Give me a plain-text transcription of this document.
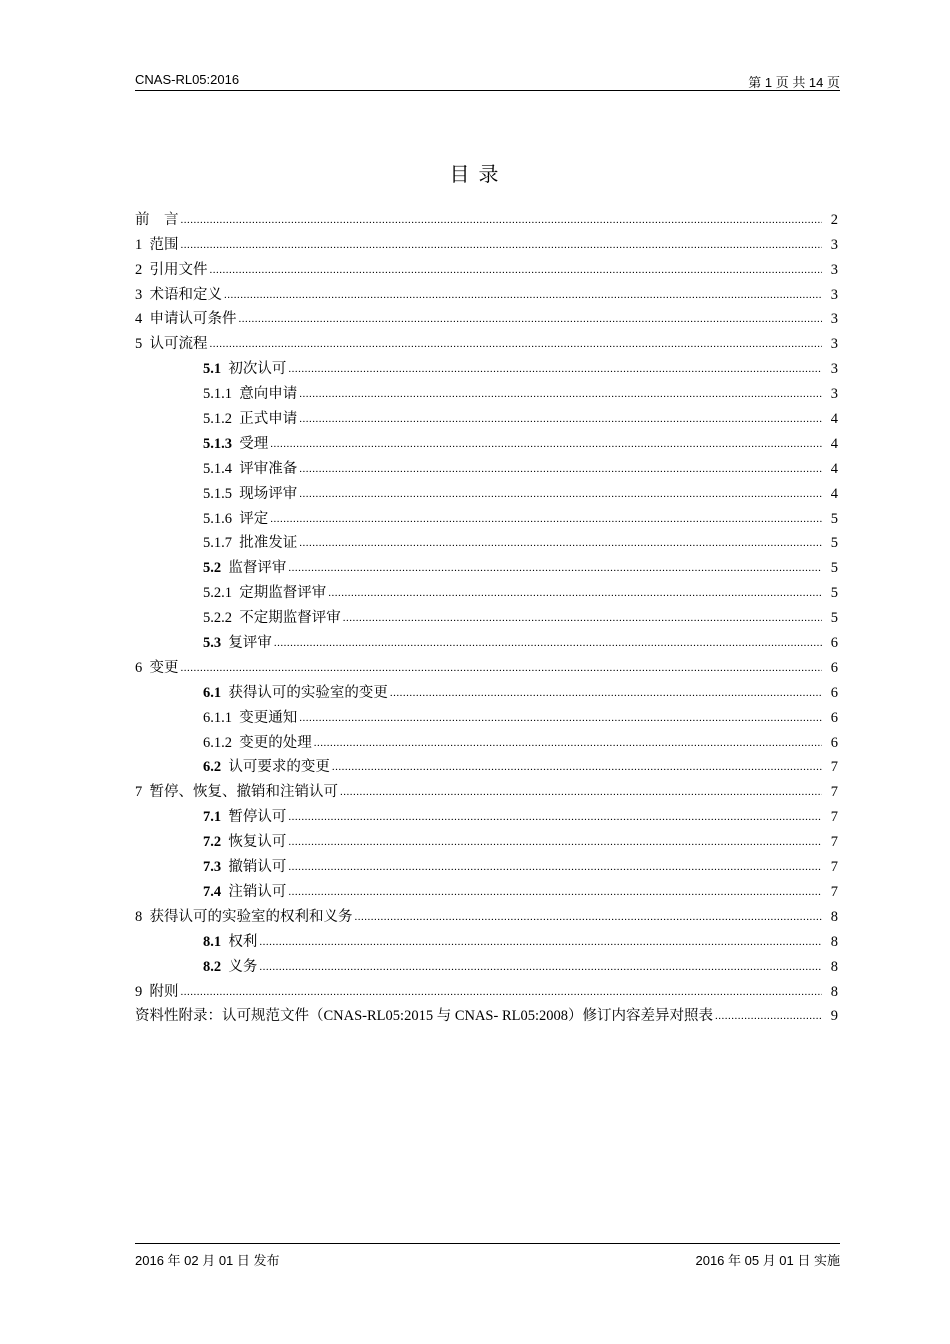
CNAS-RL05:2016	第 1 页 共 14 页
目 录
前  言 .....	2
1  范围 .....	3
2  引用文件 .....	3
3  术语和定义 .....	3
4  申请认可条件 .....	3
5  认可流程 .....	3
5.1  初次认可 .....	3
5.1.1  意向申请 .....	3
5.1.2  正式申请 .....	4
5.1.3  受理 .....	4
5.1.4  评审准备 .....	4
5.1.5  现场评审 .....	4
5.1.6  评定 .....	5
5.1.7  批准发证 .....	5
5.2  监督评审 .....	5
5.2.1  定期监督评审 .....	5
5.2.2  不定期监督评审 .....	5
5.3  复评审 .....	6
6  变更 .....	6
6.1  获得认可的实验室的变更 .....	6
6.1.1  变更通知 .....	6
6.1.2  变更的处理 .....	6
6.2  认可要求的变更 .....	7
7  暂停、恢复、撤销和注销认可 .....	7
7.1  暂停认可 .....	7
7.2  恢复认可 .....	7
7.3  撤销认可 .....	7
7.4  注销认可 .....	7
8  获得认可的实验室的权利和义务 .....	8
8.1  权利 .....	8
8.2  义务 .....	8
9  附则 .....	8
资料性附录：认可规范文件（CNAS-RL05:2015 与 CNAS- RL05:2008）修订内容差异对照表 .....	9
2016 年 02 月 01 日 发布	2016 年 05 月 01 日 实施
